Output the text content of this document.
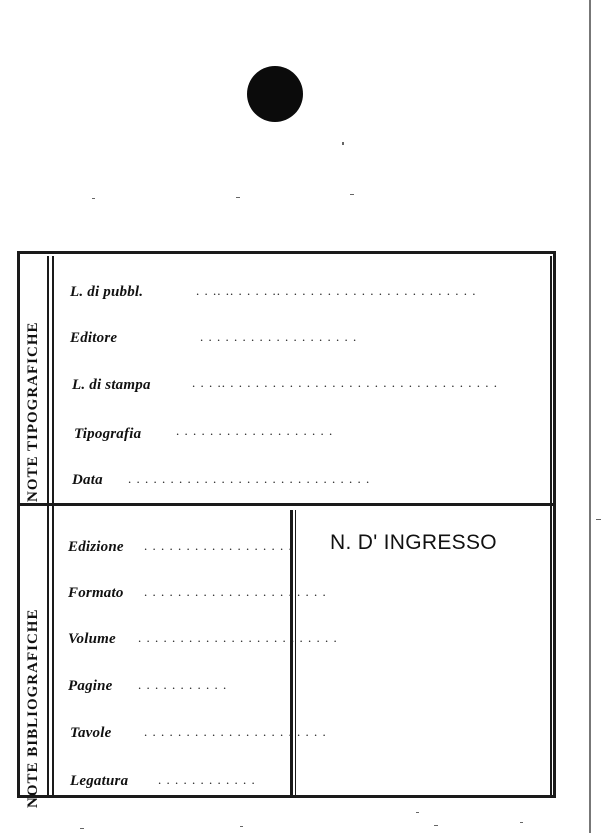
NOTE TIPOGRAFICHE
NOTE BIBLIOGRAFICHE
L. di pubbl.	. . .. .. . . . . .. . . . . . . . . . . . . . . . . . . . . . . .
Editore	. . . . . . . . . . . . . . . . . . .
L. di stampa	. . . .. . . . . . . . . . . . . . . . . . . . . . . . . . . . . . . . .
Tipografia	. . . . . . . . . . . . . . . . . . .
Data . . . . . . . . . . . . . . . . . . . . . . . . . . . . .
Edizione . . . . . . . . . . . . . . . . . .
Formato . . . . . . . . . . . . . . . . . . . . . .
Volume . . . . . . . . . . . . . . . . . . . . . . . .
Pagine . . . . . . . . . . .
Tavole	. . . . . . . . . . . . . . . . . . . . . .
Legatura . . . . . . . . . . . .
N. D' INGRESSO
